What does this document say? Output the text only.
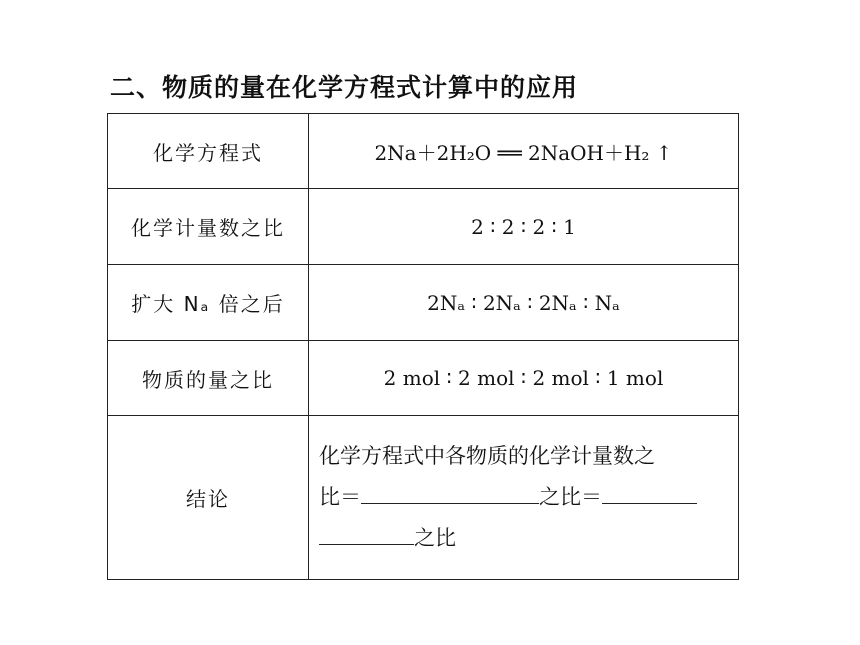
二、物质的量在化学方程式计算中的应用
化学方程式	2Na＋2H₂O ══ 2NaOH＋H₂ ↑
化学计量数之比	2 ∶ 2 ∶ 2 ∶ 1
扩大 Nₐ 倍之后	2Nₐ ∶ 2Nₐ ∶ 2Nₐ ∶ Nₐ
物质的量之比	2 mol ∶ 2 mol ∶ 2 mol ∶ 1 mol
结论	化学方程式中各物质的化学计量数之
比＝ 之比＝
之比
